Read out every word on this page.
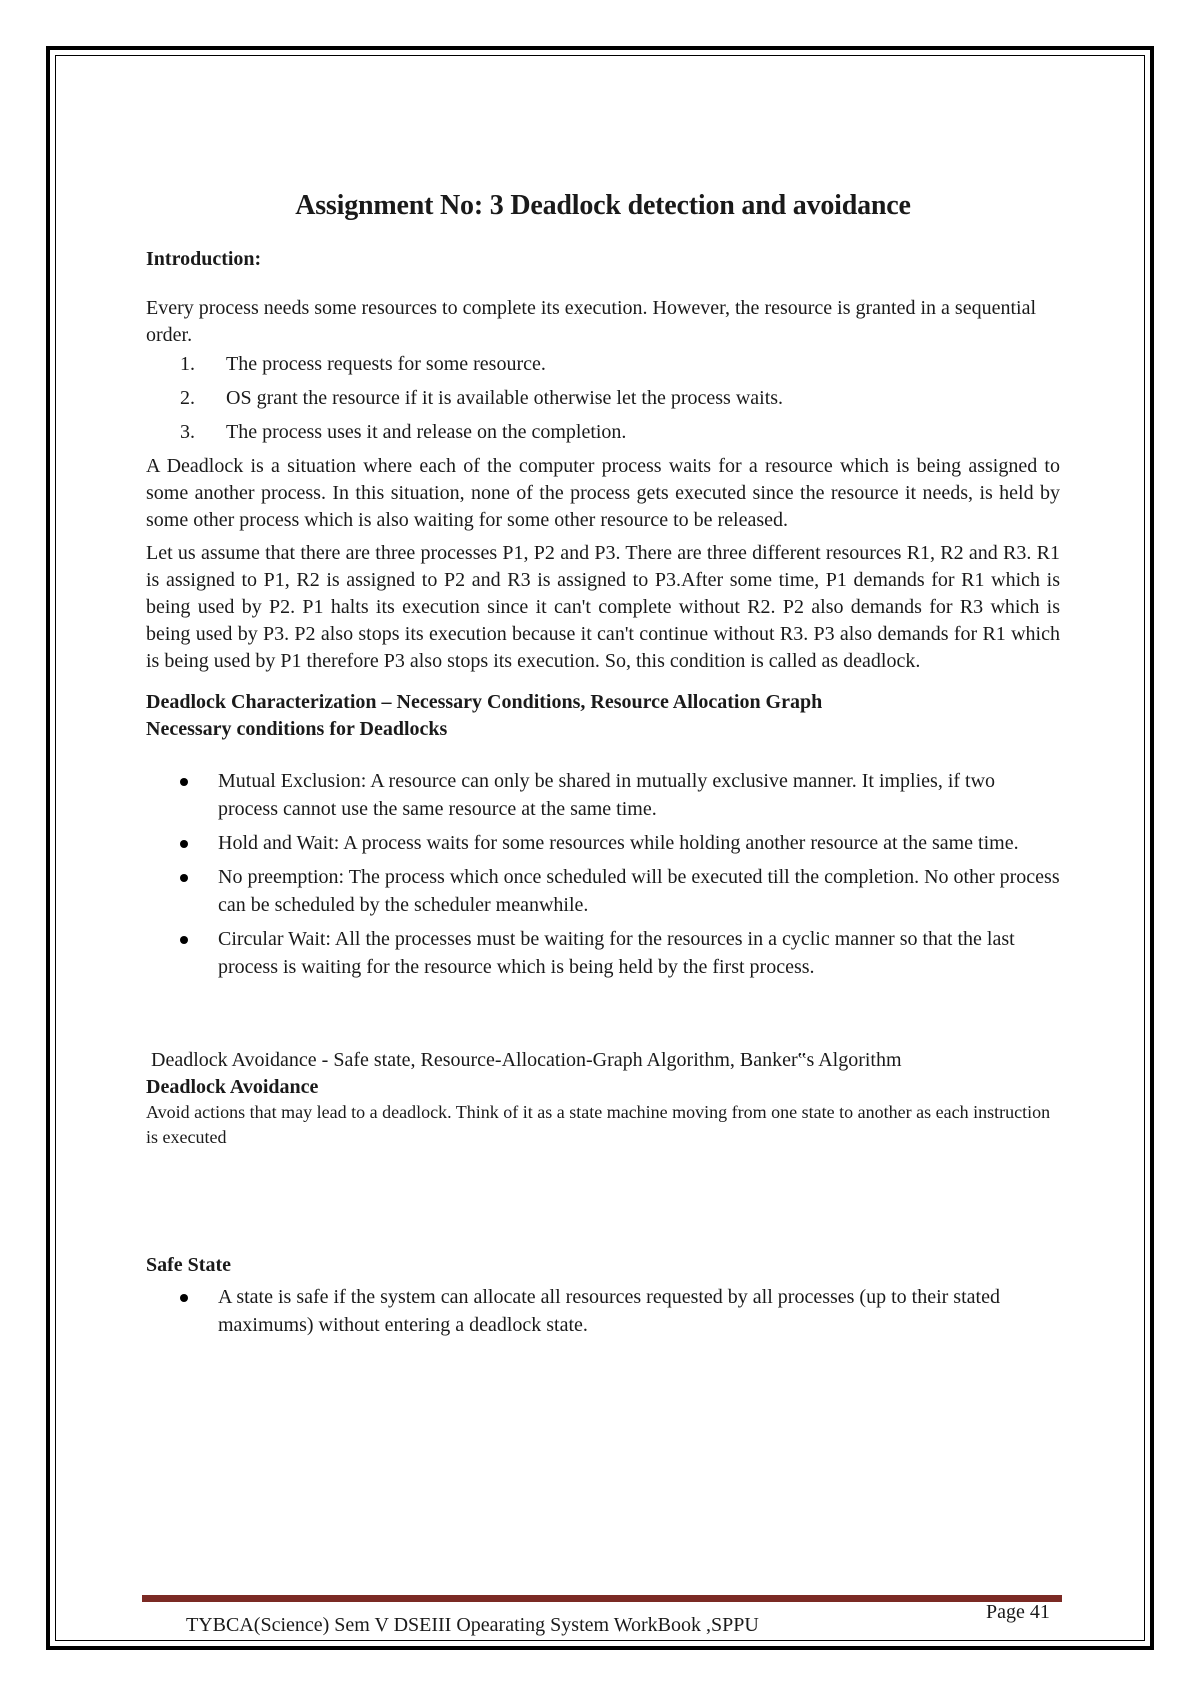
Assignment No: 3 Deadlock detection and avoidance

Introduction:

Every process needs some resources to complete its execution. However, the resource is granted in a sequential order.

1. The process requests for some resource.
2. OS grant the resource if it is available otherwise let the process waits.
3. The process uses it and release on the completion.

A Deadlock is a situation where each of the computer process waits for a resource which is being assigned to some another process. In this situation, none of the process gets executed since the resource it needs, is held by some other process which is also waiting for some other resource to be released.

Let us assume that there are three processes P1, P2 and P3. There are three different resources R1, R2 and R3. R1 is assigned to P1, R2 is assigned to P2 and R3 is assigned to P3.After some time, P1 demands for R1 which is being used by P2. P1 halts its execution since it can't complete without R2. P2 also demands for R3 which is being used by P3. P2 also stops its execution because it can't continue without R3. P3 also demands for R1 which is being used by P1 therefore P3 also stops its execution. So, this condition is called as deadlock.

Deadlock Characterization – Necessary Conditions, Resource Allocation Graph

Necessary conditions for Deadlocks

Mutual Exclusion: A resource can only be shared in mutually exclusive manner. It implies, if two process cannot use the same resource at the same time.
Hold and Wait: A process waits for some resources while holding another resource at the same time.
No preemption: The process which once scheduled will be executed till the completion. No other process can be scheduled by the scheduler meanwhile.
Circular Wait: All the processes must be waiting for the resources in a cyclic manner so that the last process is waiting for the resource which is being held by the first process.

Deadlock Avoidance - Safe state, Resource-Allocation-Graph Algorithm, Banker‟s Algorithm

Deadlock Avoidance

Avoid actions that may lead to a deadlock. Think of it as a state machine moving from one state to another as each instruction is executed

Safe State

A state is safe if the system can allocate all resources requested by all processes (up to their stated maximums) without entering a deadlock state.
TYBCA(Science) Sem V DSEIII Opearating System WorkBook ,SPPU
Page 41
